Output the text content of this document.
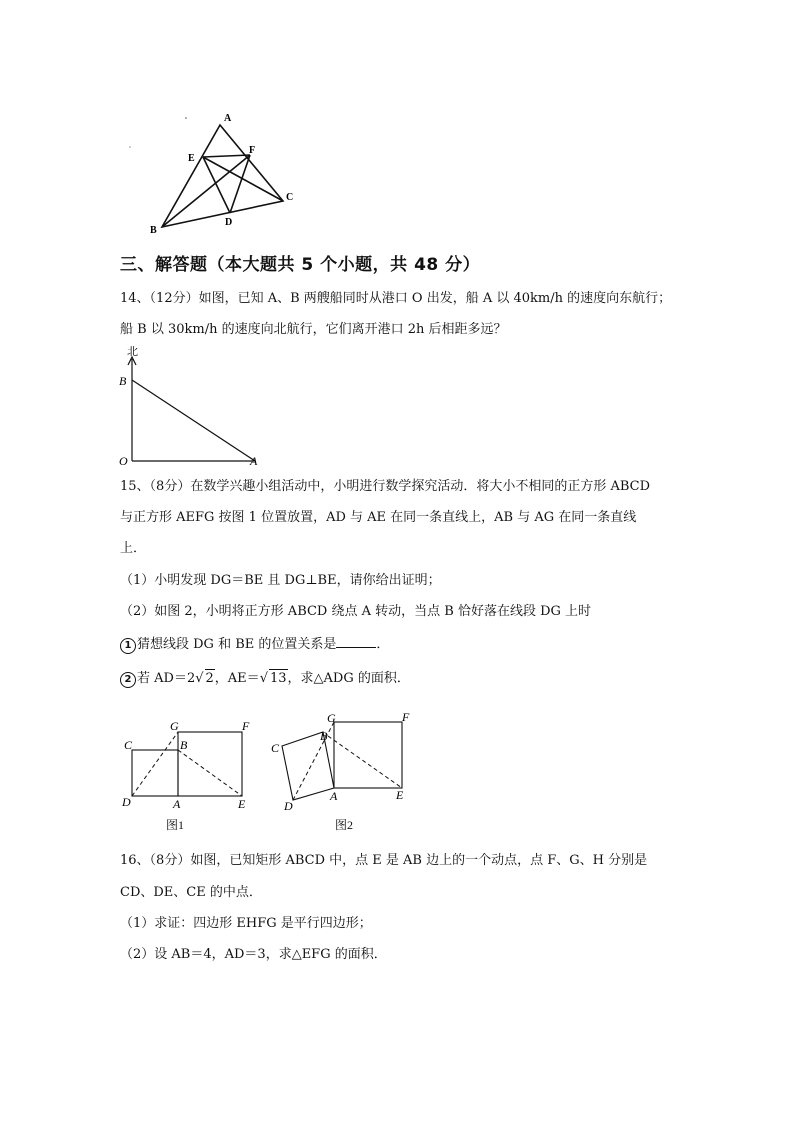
A
E
F
C
D
B
三、解答题（本大题共 5 个小题，共 48 分）
14、（12分）如图，已知 A、B 两艘船同时从港口 O 出发，船 A 以 40km/h 的速度向东航行；
船 B 以 30km/h 的速度向北航行，它们离开港口 2h 后相距多远？
北
B
O	A
15、（8分）在数学兴趣小组活动中，小明进行数学探究活动．将大小不相同的正方形 ABCD
与正方形 AEFG 按图 1 位置放置，AD 与 AE 在同一条直线上，AB 与 AG 在同一条直线
上．
（1）小明发现 DG＝BE 且 DG⊥BE，请你给出证明；
（2）如图 2，小明将正方形 ABCD 绕点 A 转动，当点 B 恰好落在线段 DG 上时
1 猜想线段 DG 和 BE 的位置关系是	．
2 若 AD＝2√ 2，AE＝√ 13，求△ADG 的面积．
G	F
C	B
D	A	E
图1
G	F
C
B
D
A	E
图2
16、（8分）如图，已知矩形 ABCD 中，点 E 是 AB 边上的一个动点，点 F、G、H 分别是
CD、DE、CE 的中点．
（1）求证：四边形 EHFG 是平行四边形；
（2）设 AB＝4，AD＝3，求△EFG 的面积．
